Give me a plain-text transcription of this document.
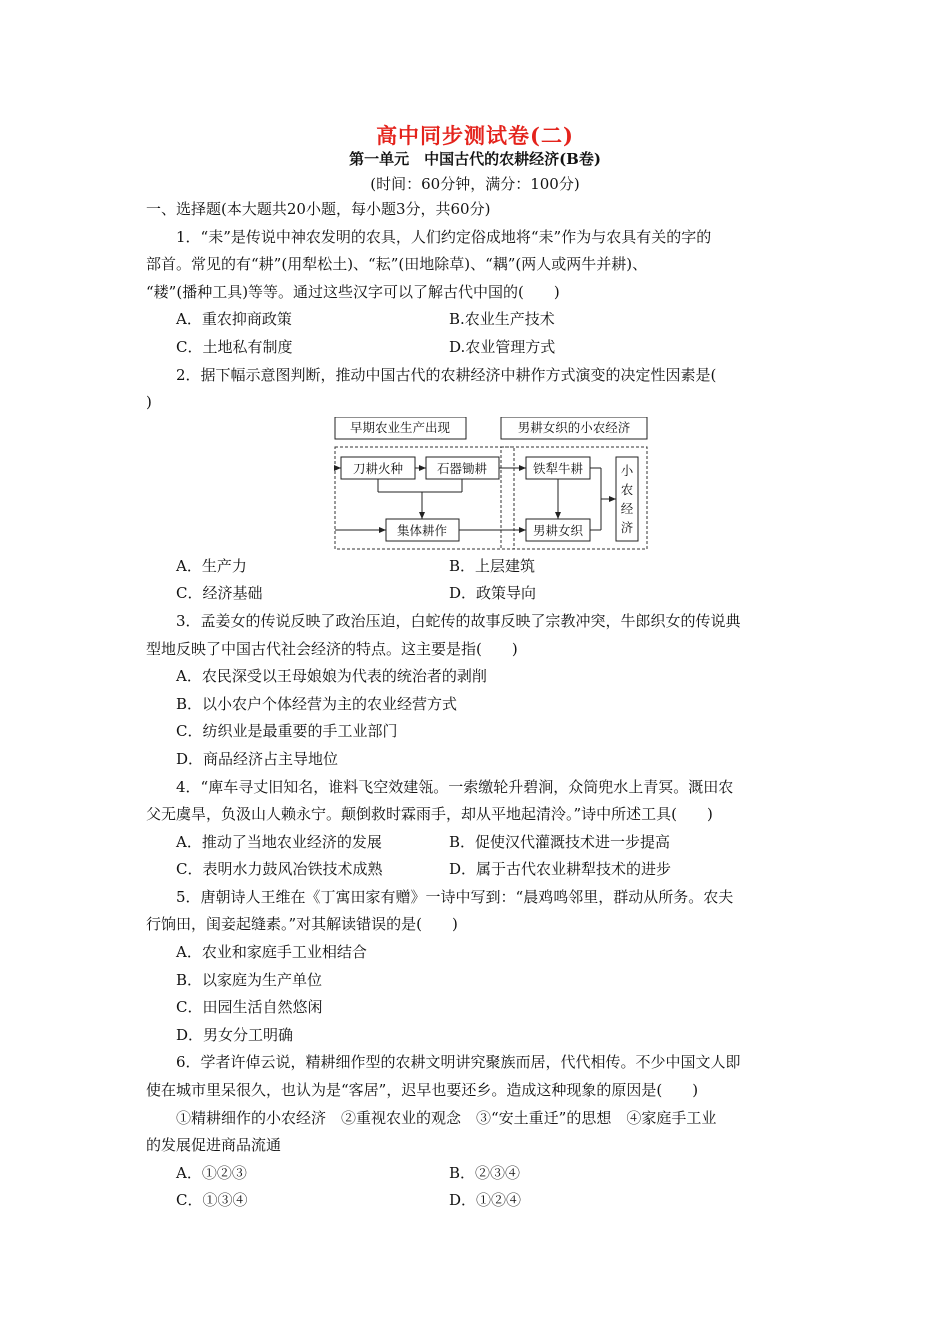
高中同步测试卷(二)
第一单元　中国古代的农耕经济(B卷)
(时间：60分钟，满分：100分)
一、选择题(本大题共20小题，每小题3分，共60分)
1．“耒”是传说中神农发明的农具，人们约定俗成地将“耒”作为与农具有关的字的
部首。常见的有“耕”(用犁松土)、“耘”(田地除草)、“耦”(两人或两牛并耕)、
“耧”(播种工具)等等。通过这些汉字可以了解古代中国的(　　)
A．重农抑商政策	B.农业生产技术
C．土地私有制度	D.农业管理方式
2．据下幅示意图判断，推动中国古代的农耕经济中耕作方式演变的决定性因素是(
)
早期农业生产出现	男耕女织的小农经济
刀耕火种	石器锄耕
集体耕作
铁犁牛耕
男耕女织
小
农
经
济
A．生产力	B．上层建筑
C．经济基础	D．政策导向
3．孟姜女的传说反映了政治压迫，白蛇传的故事反映了宗教冲突，牛郎织女的传说典
型地反映了中国古代社会经济的特点。这主要是指(　　)
A．农民深受以王母娘娘为代表的统治者的剥削
B．以小农户个体经营为主的农业经营方式
C．纺织业是最重要的手工业部门
D．商品经济占主导地位
4．“庳车寻丈旧知名，谁料飞空效建瓴。一索缴轮升碧涧，众筒兜水上青冥。溉田农
父无虞旱，负汲山人赖永宁。颠倒救时霖雨手，却从平地起清泠。”诗中所述工具(　　)
A．推动了当地农业经济的发展	B．促使汉代灌溉技术进一步提高
C．表明水力鼓风冶铁技术成熟	D．属于古代农业耕犁技术的进步
5．唐朝诗人王维在《丁寓田家有赠》一诗中写到：“晨鸡鸣邻里，群动从所务。农夫
行饷田，闺妾起缝素。”对其解读错误的是(　　)
A．农业和家庭手工业相结合
B．以家庭为生产单位
C．田园生活自然悠闲
D．男女分工明确
6．学者许倬云说，精耕细作型的农耕文明讲究聚族而居，代代相传。不少中国文人即
使在城市里呆很久，也认为是“客居”，迟早也要还乡。造成这种现象的原因是(　　)
①精耕细作的小农经济　②重视农业的观念　③“安土重迁”的思想　④家庭手工业
的发展促进商品流通
A．①②③	B．②③④
C．①③④	D．①②④
